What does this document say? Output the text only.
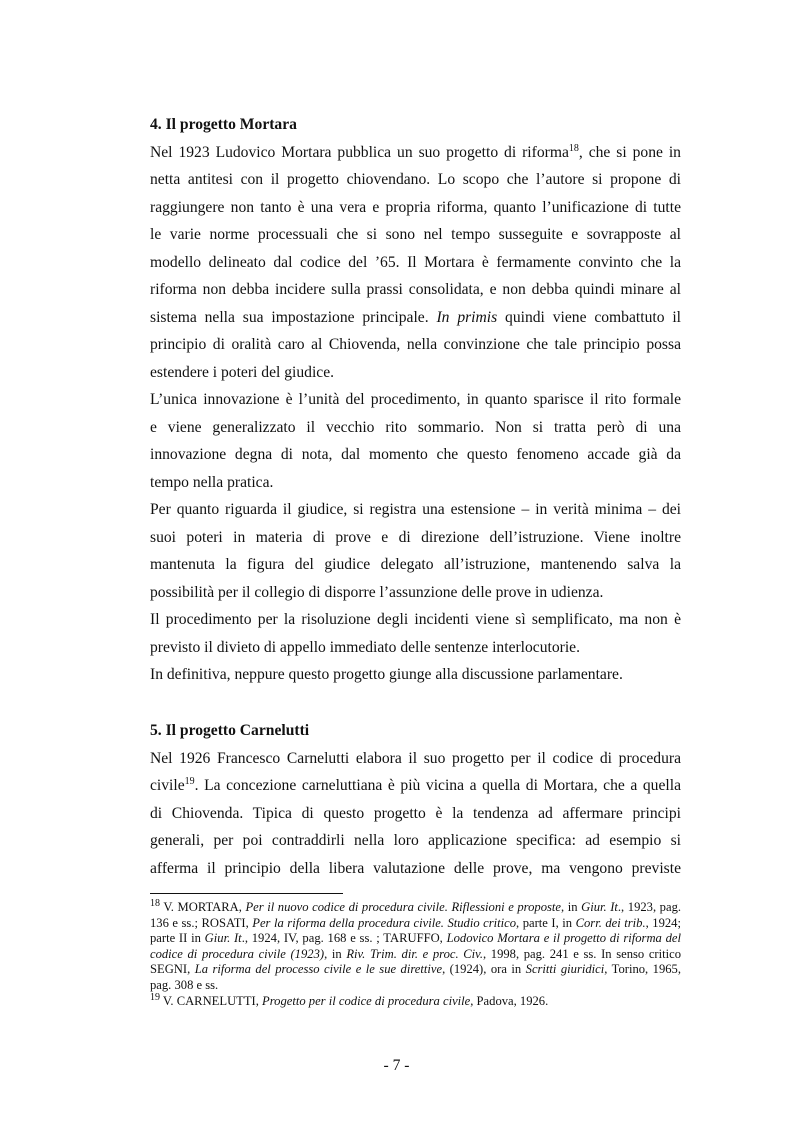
4. Il progetto Mortara

Nel 1923 Ludovico Mortara pubblica un suo progetto di riforma$^{18}$, che si pone in

netta antitesi con il progetto chiovendano. Lo scopo che l’autore si propone di

raggiungere non tanto è una vera e propria riforma, quanto l’unificazione di tutte

le varie norme processuali che si sono nel tempo susseguite e sovrapposte al

modello delineato dal codice del ’65. Il Mortara è fermamente convinto che la

riforma non debba incidere sulla prassi consolidata, e non debba quindi minare al

sistema nella sua impostazione principale. In primis quindi viene combattuto il

principio di oralità caro al Chiovenda, nella convinzione che tale principio possa

estendere i poteri del giudice.

L’unica innovazione è l’unità del procedimento, in quanto sparisce il rito formale

e viene generalizzato il vecchio rito sommario. Non si tratta però di una

innovazione degna di nota, dal momento che questo fenomeno accade già da

tempo nella pratica.

Per quanto riguarda il giudice, si registra una estensione – in verità minima – dei

suoi poteri in materia di prove e di direzione dell’istruzione. Viene inoltre

mantenuta la figura del giudice delegato all’istruzione, mantenendo salva la

possibilità per il collegio di disporre l’assunzione delle prove in udienza.

Il procedimento per la risoluzione degli incidenti viene sì semplificato, ma non è

previsto il divieto di appello immediato delle sentenze interlocutorie.

In definitiva, neppure questo progetto giunge alla discussione parlamentare.

5. Il progetto Carnelutti

Nel 1926 Francesco Carnelutti elabora il suo progetto per il codice di procedura

civile$^{19}$. La concezione carneluttiana è più vicina a quella di Mortara, che a quella

di Chiovenda. Tipica di questo progetto è la tendenza ad affermare principi

generali, per poi contraddirli nella loro applicazione specifica: ad esempio si

afferma il principio della libera valutazione delle prove, ma vengono previste

$^{18}$ V. MORTARA, Per il nuovo codice di procedura civile. Riflessioni e proposte, in Giur. It., 1923, pag. 136 e ss.; ROSATI, Per la riforma della procedura civile. Studio critico, parte I, in Corr. dei trib., 1924; parte II in Giur. It., 1924, IV, pag. 168 e ss. ; TARUFFO, Lodovico Mortara e il progetto di riforma del codice di procedura civile (1923), in Riv. Trim. dir. e proc. Civ., 1998, pag. 241 e ss. In senso critico SEGNI, La riforma del processo civile e le sue direttive, (1924), ora in Scritti giuridici, Torino, 1965, pag. 308 e ss.

$^{19}$ V. CARNELUTTI, Progetto per il codice di procedura civile, Padova, 1926.

- 7 -
